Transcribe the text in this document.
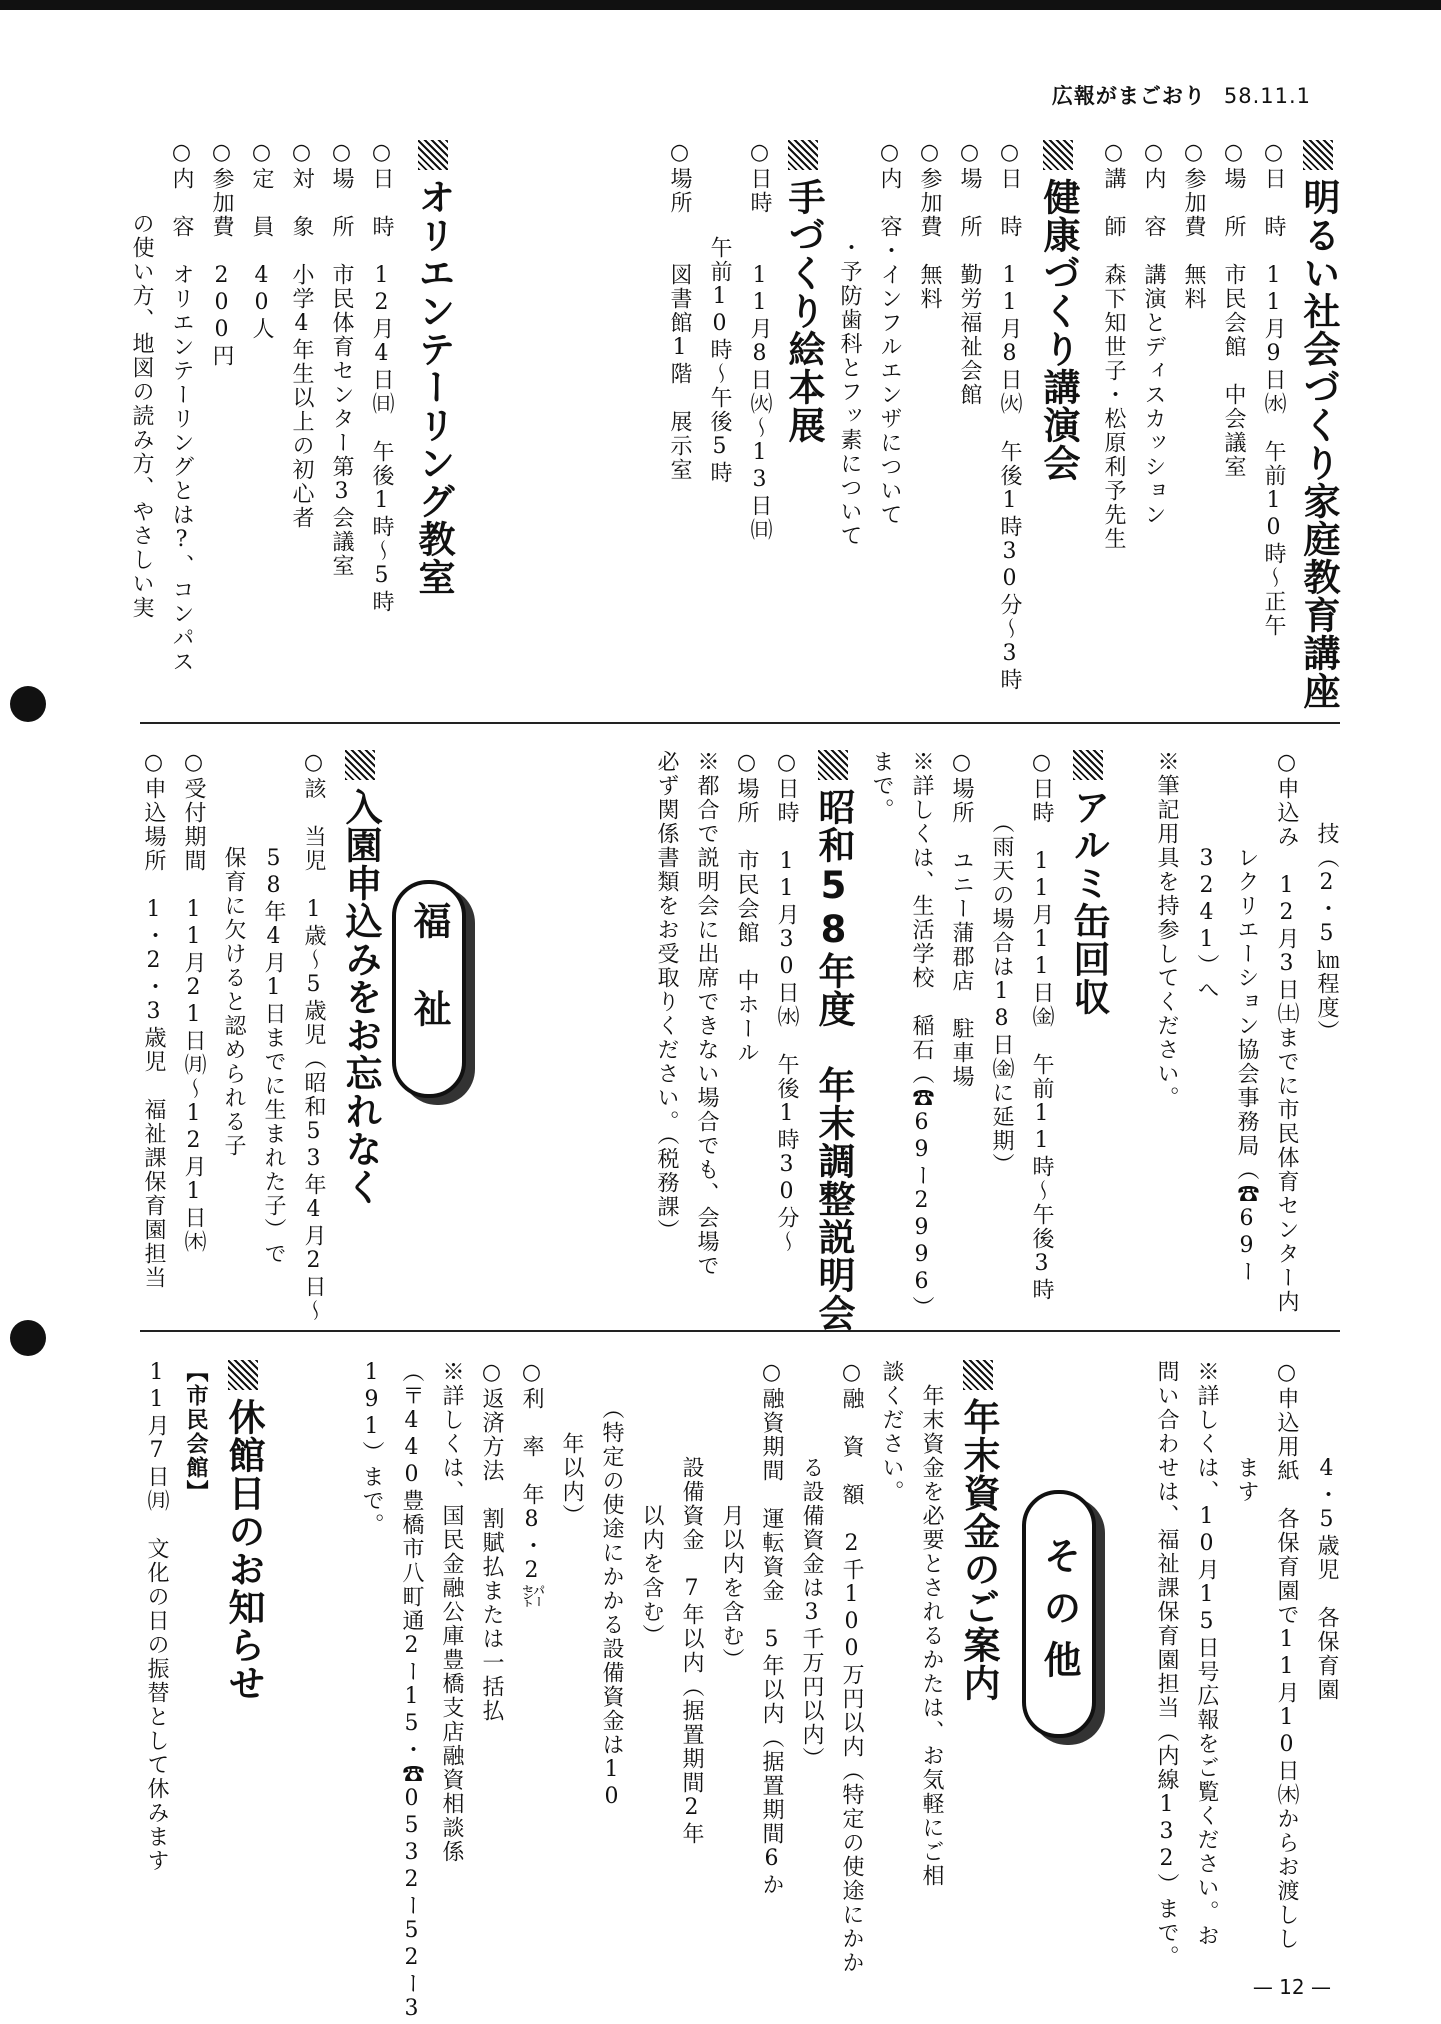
広報がまごおり 58.11.1
明るい社会づくり家庭教育講座
○日　時　11月9日㈬　午前10時〜正午
○場　所　市民会館　中会議室
○参加費　無料
○内　容　講演とディスカッション
○講　師　森下知世子・松原利予先生
健康づくり講演会
○日　時　11月8日㈫　午後1時30分〜3時
○場　所　勤労福祉会館
○参加費　無料
○内　容・インフルエンザについて
　　　　・予防歯科とフッ素について
手づくり絵本展
○日時　　11月8日㈫〜13日㈰
　　　　午前10時〜午後5時
○場所　　図書館1階　展示室
オリエンテーリング教室
○日　時　12月4日㈰　午後1時〜5時
○場　所　市民体育センター第3会議室
○対　象　小学4年生以上の初心者
○定　員　40人
○参加費　200円
○内　容　オリエンテーリングとは?、コンパス
　　　の使い方、地図の読み方、やさしい実
　　　技（2・5㎞程度）
○申込み　12月3日㈯までに市民体育センター内
　　　　レクリエーション協会事務局（☎69ー
　　　　3241）へ
※筆記用具を持参してください。
アルミ缶回収
○日時　11月11日㈮　午前11時〜午後3時
　　　（雨天の場合は18日㈮に延期）
○場所　ユニー蒲郡店　駐車場
※詳しくは、生活学校　稲石（☎69ー2996）
まで。
昭和58年度　年末調整説明会
○日時　11月30日㈬　午後1時30分〜
○場所　市民会館　中ホール
※都合で説明会に出席できない場合でも、会場で
必ず関係書類をお受取りください。（税務課）
福祉
入園申込みをお忘れなく
○該　当児　1歳〜5歳児（昭和53年4月2日〜
　　　　58年4月1日までに生まれた子）で
　　　　保育に欠けると認められる子
○受付期間　11月21日㈪〜12月1日㈭
○申込場所　1・2・3歳児　福祉課保育園担当
　　　　4・5歳児　各保育園
○申込用紙　各保育園で11月10日㈭からお渡しし
　　　　ます
※詳しくは、10月15日号広報をご覧ください。お
問い合わせは、福祉課保育園担当（内線132）まで。
その他
年末資金のご案内
　年末資金を必要とされるかたは、お気軽にご相
談ください。
○融　資　額　2千100万円以内（特定の使途にかか
　　　　る設備資金は3千万円以内）
○融資期間　運転資金　5年以内（据置期間6か
　　　　　　月以内を含む）
　　　　設備資金　7年以内（据置期間2年
　　　　　　以内を含む）
　　（特定の使途にかかる設備資金は10
　　　年以内）
○利　率　年8・2㌫
○返済方法　割賦払または一括払
※詳しくは、国民金融公庫豊橋支店融資相談係
（〒440豊橋市八町通2ー15・☎0532ー52ー3
191）まで。
休館日のお知らせ
【市民会館】
11月7日㈪　文化の日の振替として休みます
— 12 —
